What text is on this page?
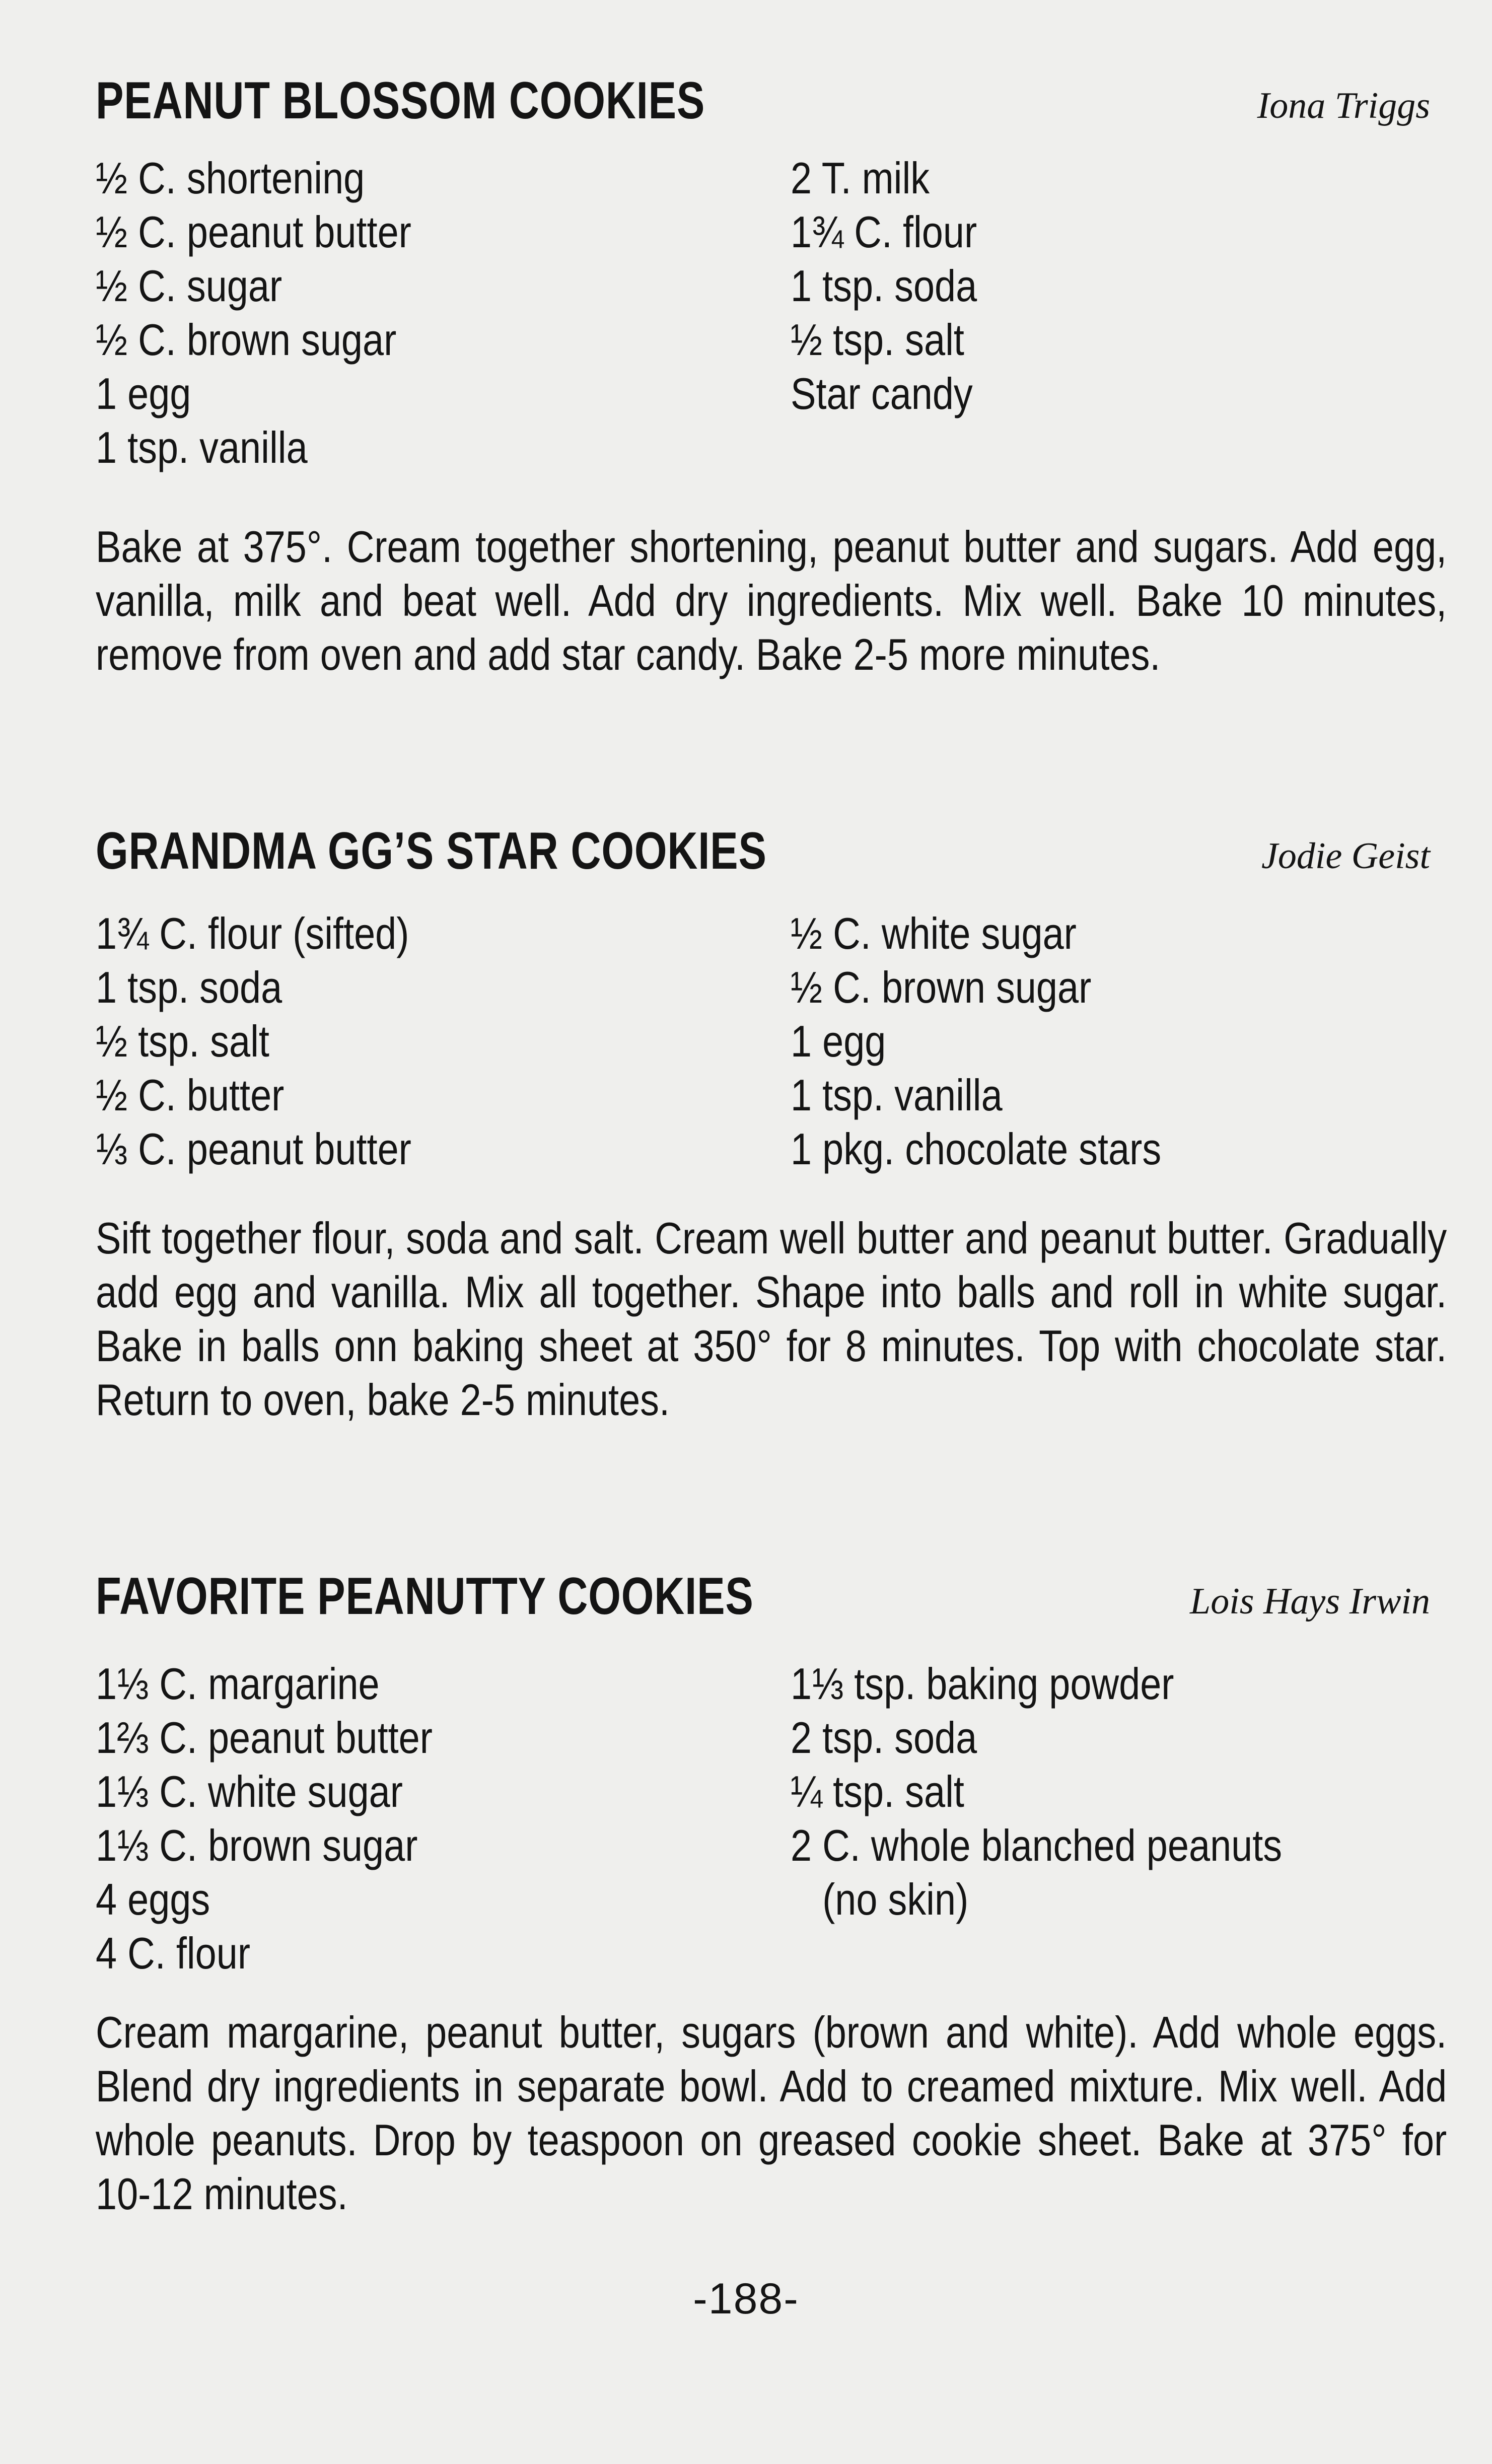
PEANUT BLOSSOM COOKIES	Iona Triggs
½ C. shortening
½ C. peanut butter
½ C. sugar
½ C. brown sugar
1 egg
1 tsp. vanilla
2 T. milk
1¾ C. flour
1 tsp. soda
½ tsp. salt
Star candy

Bake at 375°. Cream together shortening, peanut butter and sugars. Add egg, vanilla, milk and beat well. Add dry ingredients. Mix well. Bake 10 minutes, remove from oven and add star candy. Bake 2-5 more minutes.

GRANDMA GG’S STAR COOKIES	Jodie Geist
1¾ C. flour (sifted)
1 tsp. soda
½ tsp. salt
½ C. butter
⅓ C. peanut butter
½ C. white sugar
½ C. brown sugar
1 egg
1 tsp. vanilla
1 pkg. chocolate stars

Sift together flour, soda and salt. Cream well butter and peanut butter. Gradually add egg and vanilla. Mix all together. Shape into balls and roll in white sugar. Bake in balls onn baking sheet at 350° for 8 minutes. Top with chocolate star. Return to oven, bake 2-5 minutes.

FAVORITE PEANUTTY COOKIES	Lois Hays Irwin
1⅓ C. margarine
1⅔ C. peanut butter
1⅓ C. white sugar
1⅓ C. brown sugar
4 eggs
4 C. flour
1⅓ tsp. baking powder
2 tsp. soda
¼ tsp. salt
2 C. whole blanched peanuts
(no skin)

Cream margarine, peanut butter, sugars (brown and white). Add whole eggs. Blend dry ingredients in separate bowl. Add to creamed mixture. Mix well. Add whole peanuts. Drop by teaspoon on greased cookie sheet. Bake at 375° for 10-12 minutes.

-188-
